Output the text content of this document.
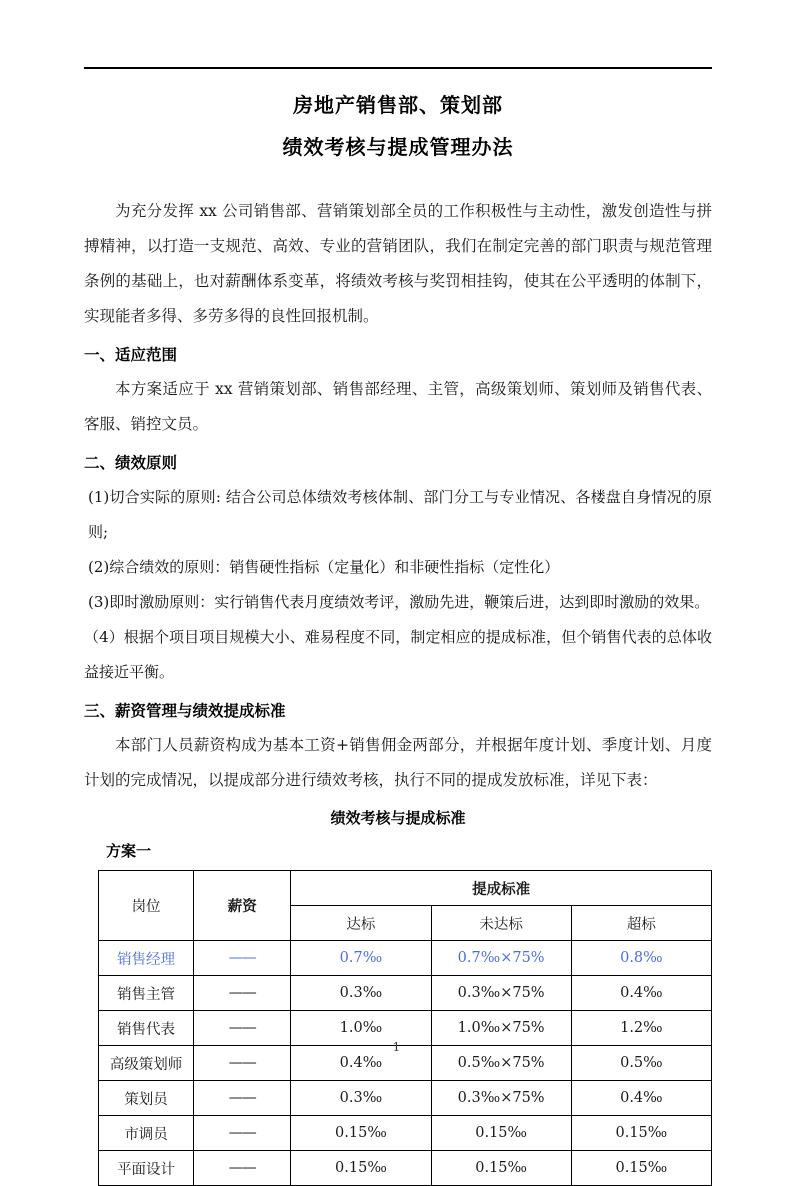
房地产销售部、策划部
绩效考核与提成管理办法

为充分发挥 xx 公司销售部、营销策划部全员的工作积极性与主动性，激发创造性与拼搏精神，以打造一支规范、高效、专业的营销团队，我们在制定完善的部门职责与规范管理条例的基础上，也对薪酬体系变革，将绩效考核与奖罚相挂钩，使其在公平透明的体制下，实现能者多得、多劳多得的良性回报机制。

一、适应范围

本方案适应于 xx 营销策划部、销售部经理、主管，高级策划师、策划师及销售代表、客服、销控文员。

二、绩效原则

(1)切合实际的原则: 结合公司总体绩效考核体制、部门分工与专业情况、各楼盘自身情况的原则;

(2)综合绩效的原则：销售硬性指标（定量化）和非硬性指标（定性化）

(3)即时激励原则：实行销售代表月度绩效考评，激励先进，鞭策后进，达到即时激励的效果。

（4）根据个项目项目规模大小、难易程度不同，制定相应的提成标准，但个销售代表的总体收益接近平衡。

三、薪资管理与绩效提成标准

本部门人员薪资构成为基本工资+销售佣金两部分，并根据年度计划、季度计划、月度计划的完成情况，以提成部分进行绩效考核，执行不同的提成发放标准，详见下表：

绩效考核与提成标准
方案一
岗位	薪资	提成标准		
		达标	未达标	超标
销售经理	——	0.7‰	0.7‰×75%	0.8‰
销售主管	——	0.3‰	0.3‰×75%	0.4‰
销售代表	——	1.0‰	1.0‰×75%	1.2‰
高级策划师	——	0.4‰	0.5‰×75%	0.5‰
策划员	——	0.3‰	0.3‰×75%	0.4‰
市调员	——	0.15‰	0.15‰	0.15‰
平面设计	——	0.15‰	0.15‰	0.15‰
1
